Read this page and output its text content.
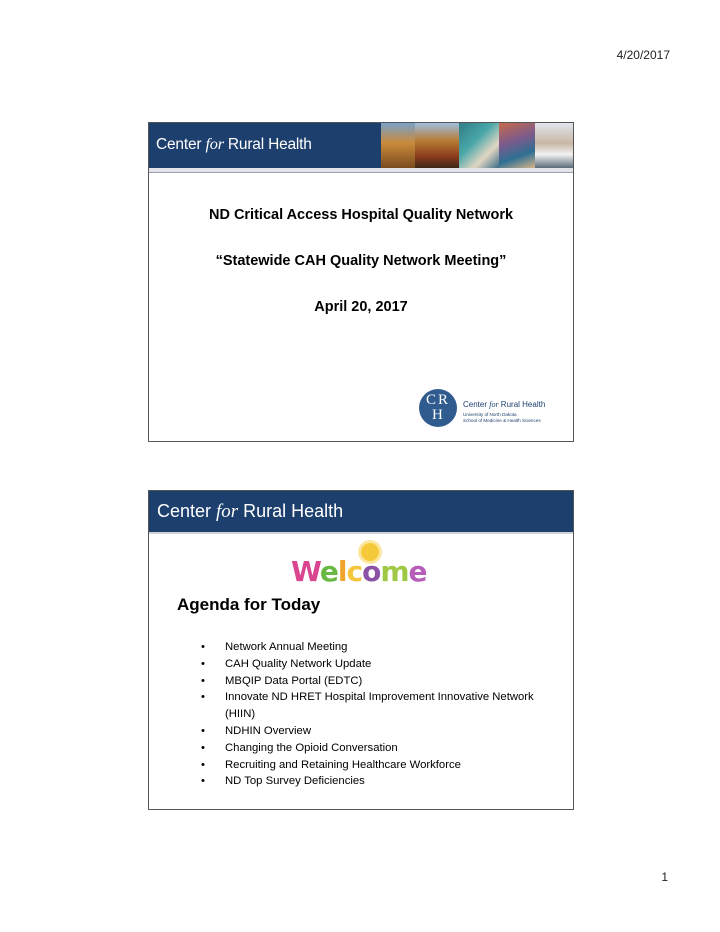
4/20/2017
Center for Rural Health

ND Critical Access Hospital Quality Network

“Statewide CAH Quality Network Meeting”

April 20, 2017

C R
H
Center for Rural Health
University of North Dakota
School of Medicine & Health Sciences
Center for Rural Health
Welcome
Agenda for Today
• Network Annual Meeting
• CAH Quality Network Update
• MBQIP Data Portal (EDTC)
• Innovate ND HRET Hospital Improvement Innovative Network (HIIN)
• NDHIN Overview
• Changing the Opioid Conversation
• Recruiting and Retaining Healthcare Workforce
• ND Top Survey Deficiencies
1
